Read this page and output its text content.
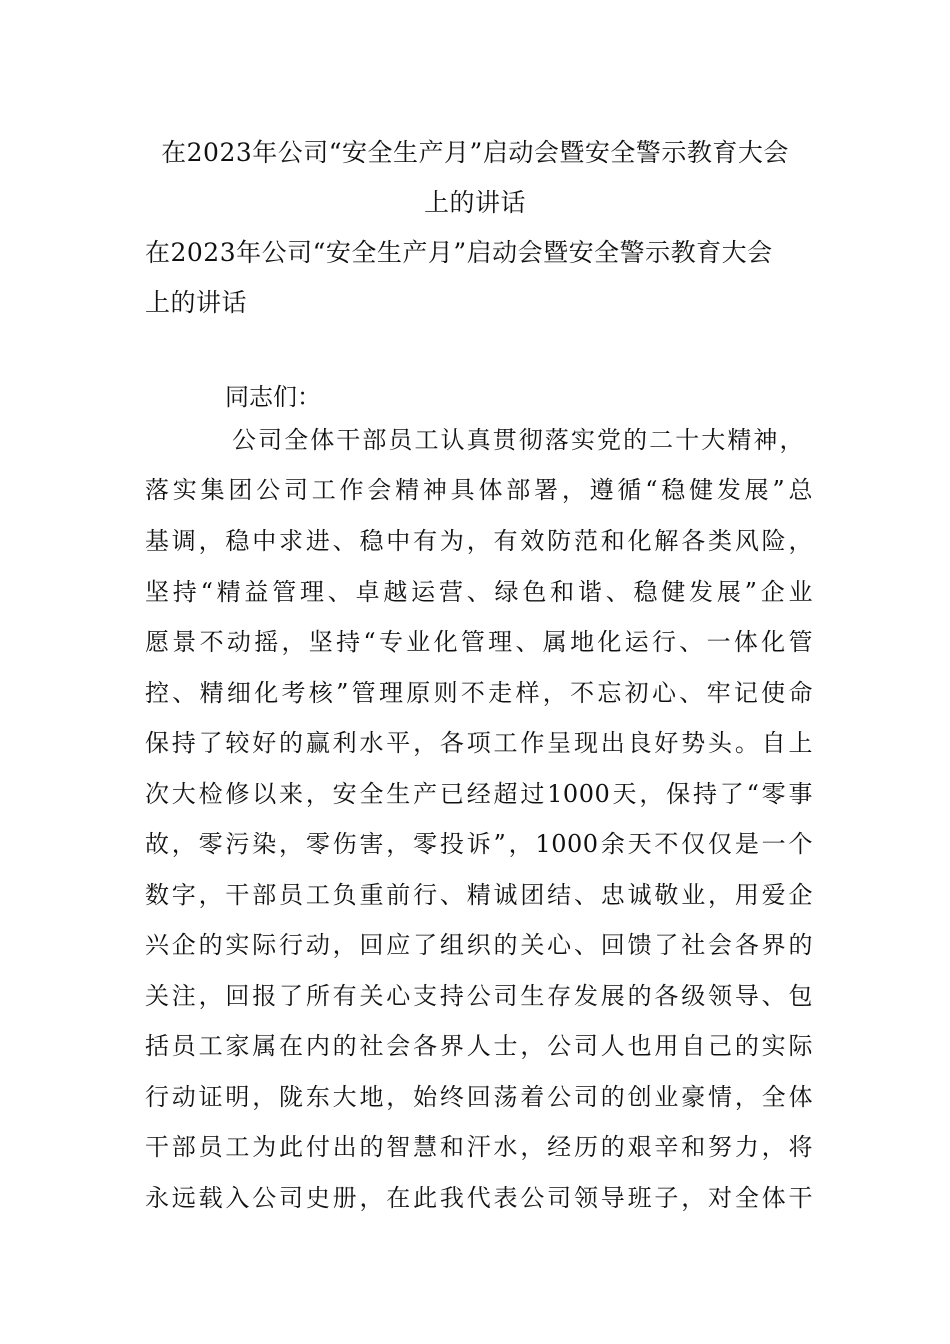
在2023年公司“安全生产月”启动会暨安全警示教育大会
上的讲话
在2023年公司“安全生产月”启动会暨安全警示教育大会
上的讲话

同志们：

公司全体干部员工认真贯彻落实党的二十大精神，

落实集团公司工作会精神具体部署，遵循“稳健发展”总

基调，稳中求进、稳中有为，有效防范和化解各类风险，

坚持“精益管理、卓越运营、绿色和谐、稳健发展”企业

愿景不动摇，坚持“专业化管理、属地化运行、一体化管

控、精细化考核”管理原则不走样，不忘初心、牢记使命

保持了较好的赢利水平，各项工作呈现出良好势头。自上

次大检修以来，安全生产已经超过1000天，保持了“零事

故，零污染，零伤害，零投诉”，1000余天不仅仅是一个

数字，干部员工负重前行、精诚团结、忠诚敬业，用爱企

兴企的实际行动，回应了组织的关心、回馈了社会各界的

关注，回报了所有关心支持公司生存发展的各级领导、包

括员工家属在内的社会各界人士，公司人也用自己的实际

行动证明，陇东大地，始终回荡着公司的创业豪情，全体

干部员工为此付出的智慧和汗水，经历的艰辛和努力，将

永远载入公司史册，在此我代表公司领导班子，对全体干
